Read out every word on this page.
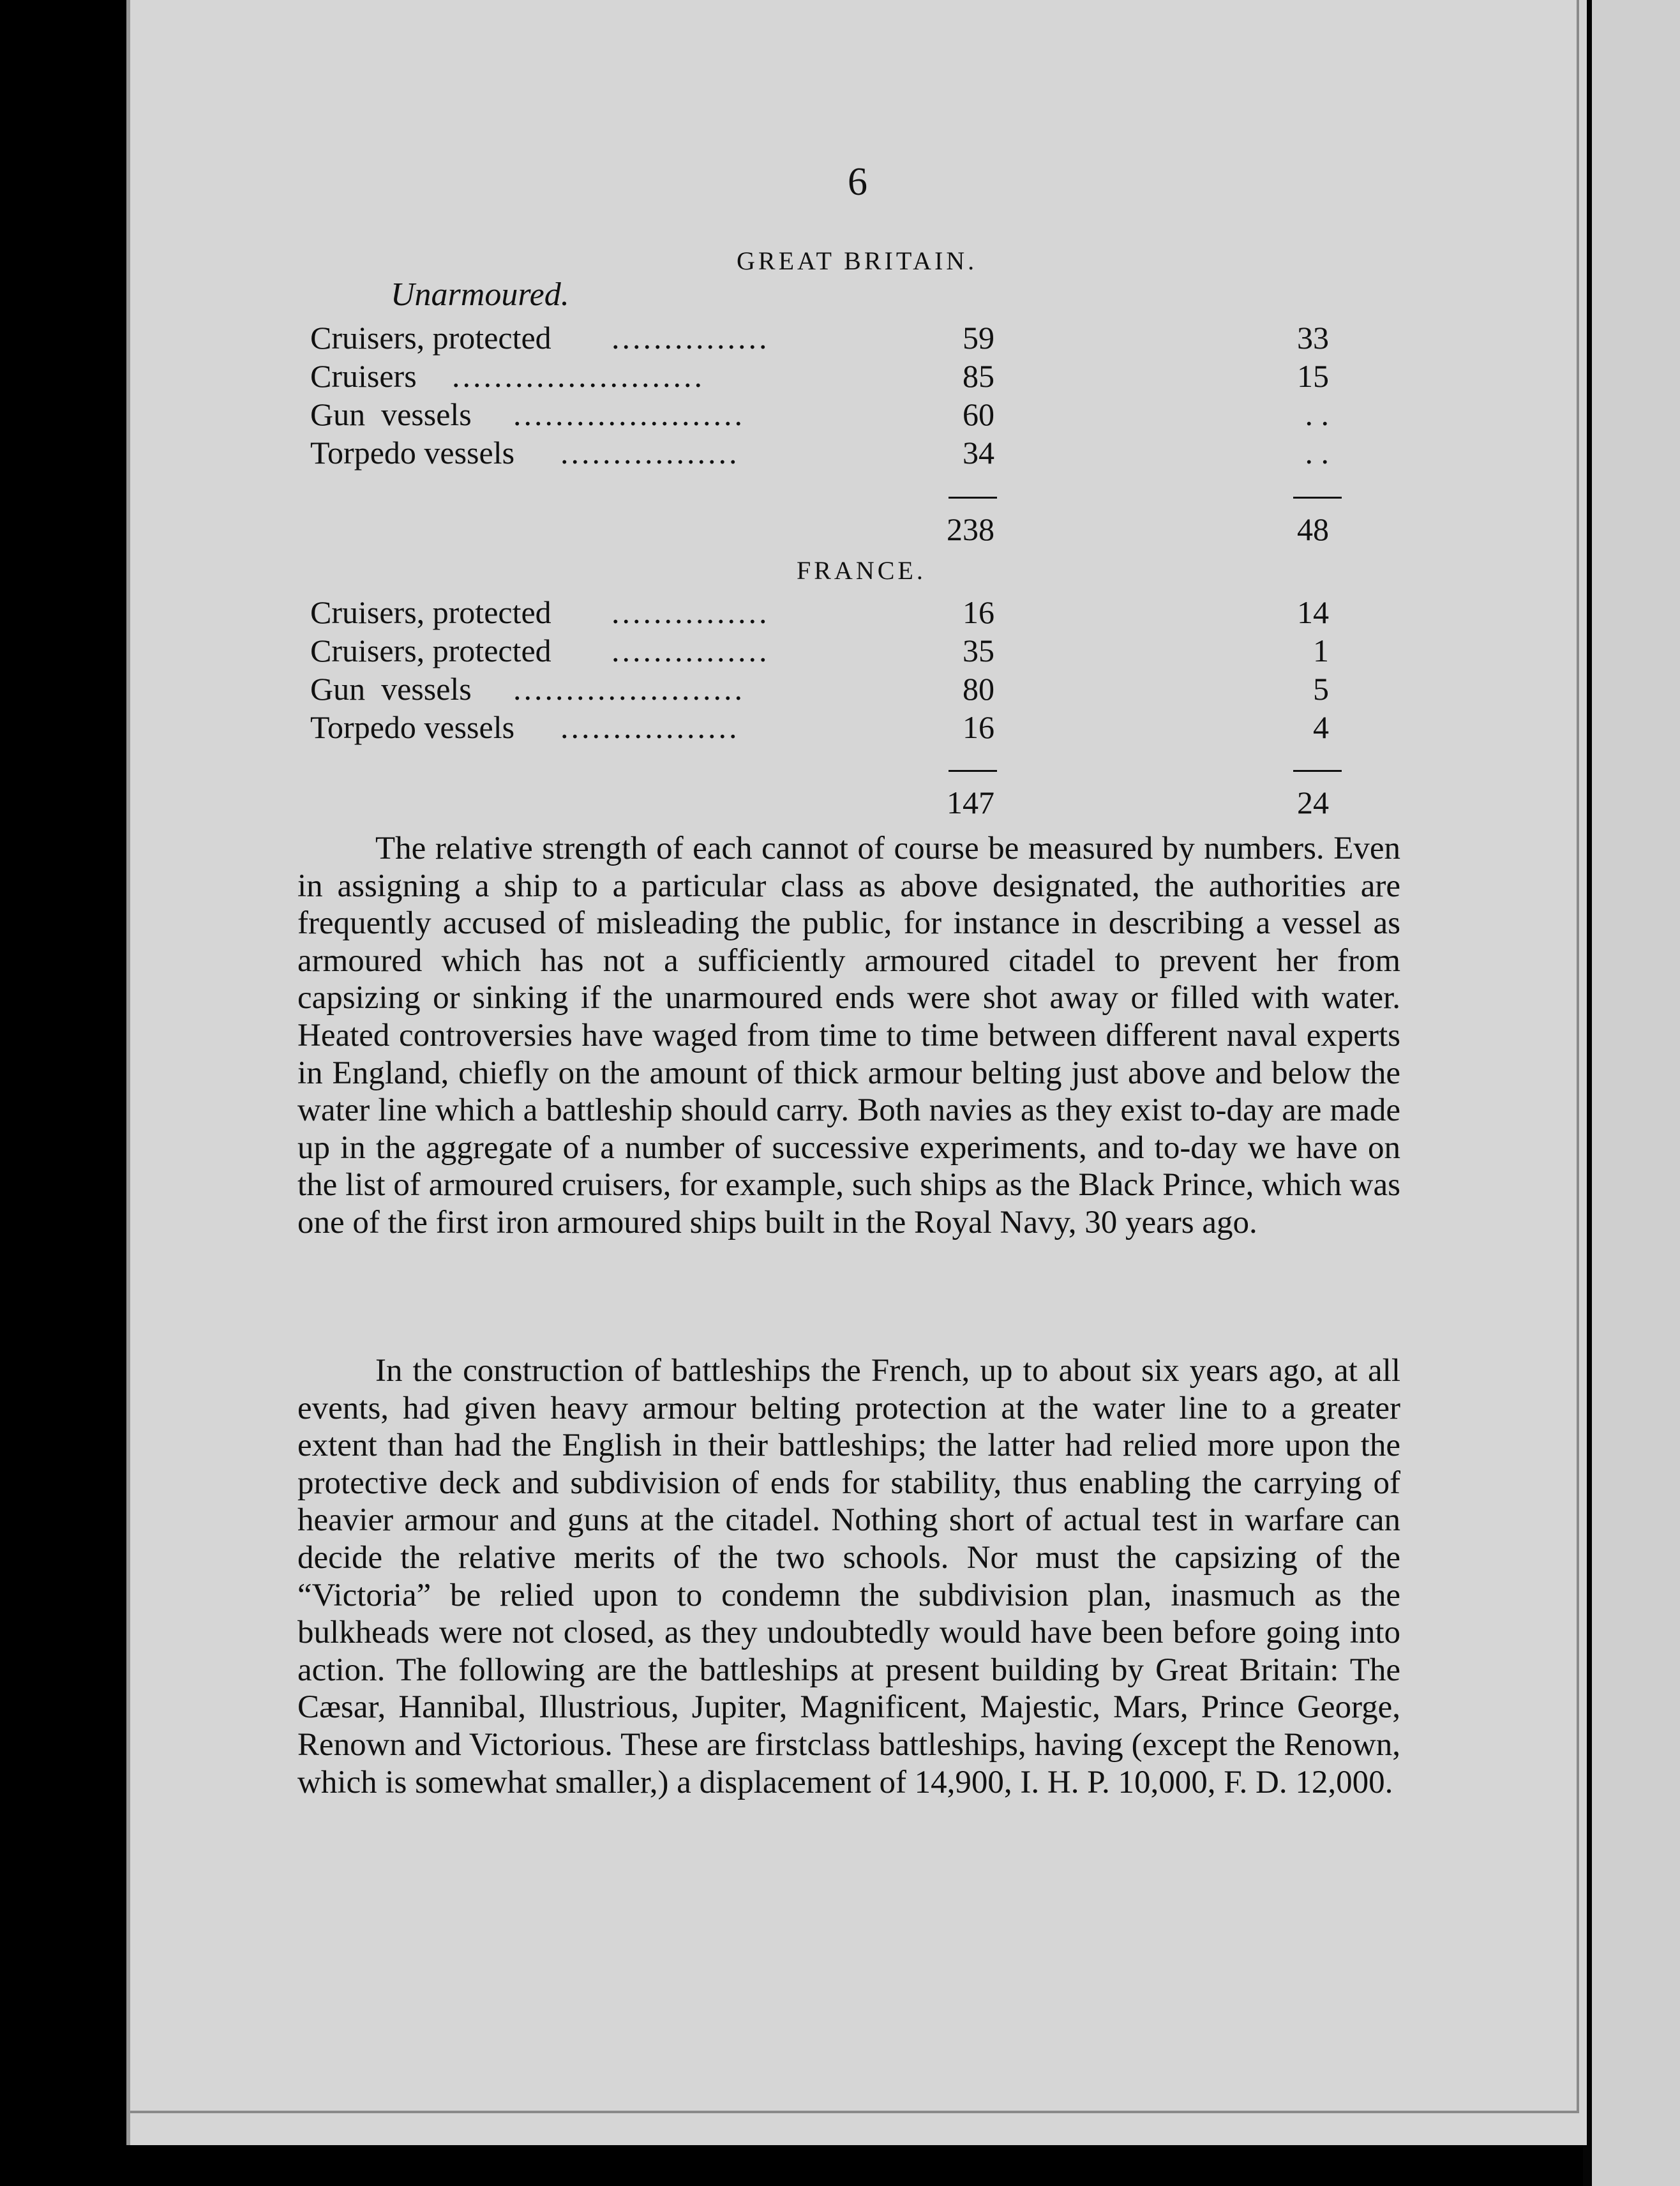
6
GREAT BRITAIN.
Unarmoured.
Cruisers, protected ...............	59	33
Cruisers ........................	85	15
Gun  vessels ......................	60	. .
Torpedo vessels .................	34	. .
238	48
FRANCE.
Cruisers, protected ...............	16	14
Cruisers, protected ...............	35	1
Gun  vessels ......................	80	5
Torpedo vessels .................	16	4
147	24

The relative strength of each cannot of course be measured by numbers. Even in assigning a ship to a particular class as above designated, the authorities are frequently accused of misleading the public, for instance in describing a vessel as armoured which has not a sufficiently armoured citadel to prevent her from capsizing or sinking if the unarmoured ends were shot away or filled with water. Heated controversies have waged from time to time between different naval experts in England, chiefly on the amount of thick armour belting just above and below the water line which a battleship should carry. Both navies as they exist to-day are made up in the aggregate of a number of successive experiments, and to-day we have on the list of armoured cruisers, for example, such ships as the Black Prince, which was one of the first iron armoured ships built in the Royal Navy, 30 years ago.

In the construction of battleships the French, up to about six years ago, at all events, had given heavy armour belting protection at the water line to a greater extent than had the English in their battleships; the latter had relied more upon the protective deck and subdivision of ends for stability, thus enabling the carrying of heavier armour and guns at the citadel. Nothing short of actual test in warfare can decide the relative merits of the two schools. Nor must the capsizing of the “Victoria” be relied upon to condemn the subdivision plan, inasmuch as the bulkheads were not closed, as they undoubtedly would have been before going into action. The following are the battleships at present building by Great Britain: The Cæsar, Hannibal, Illustrious, Jupiter, Magnificent, Majestic, Mars, Prince George, Renown and Victorious. These are firstclass battleships, having (except the Renown, which is somewhat smaller,) a displacement of 14,900, I. H. P. 10,000, F. D. 12,000.
